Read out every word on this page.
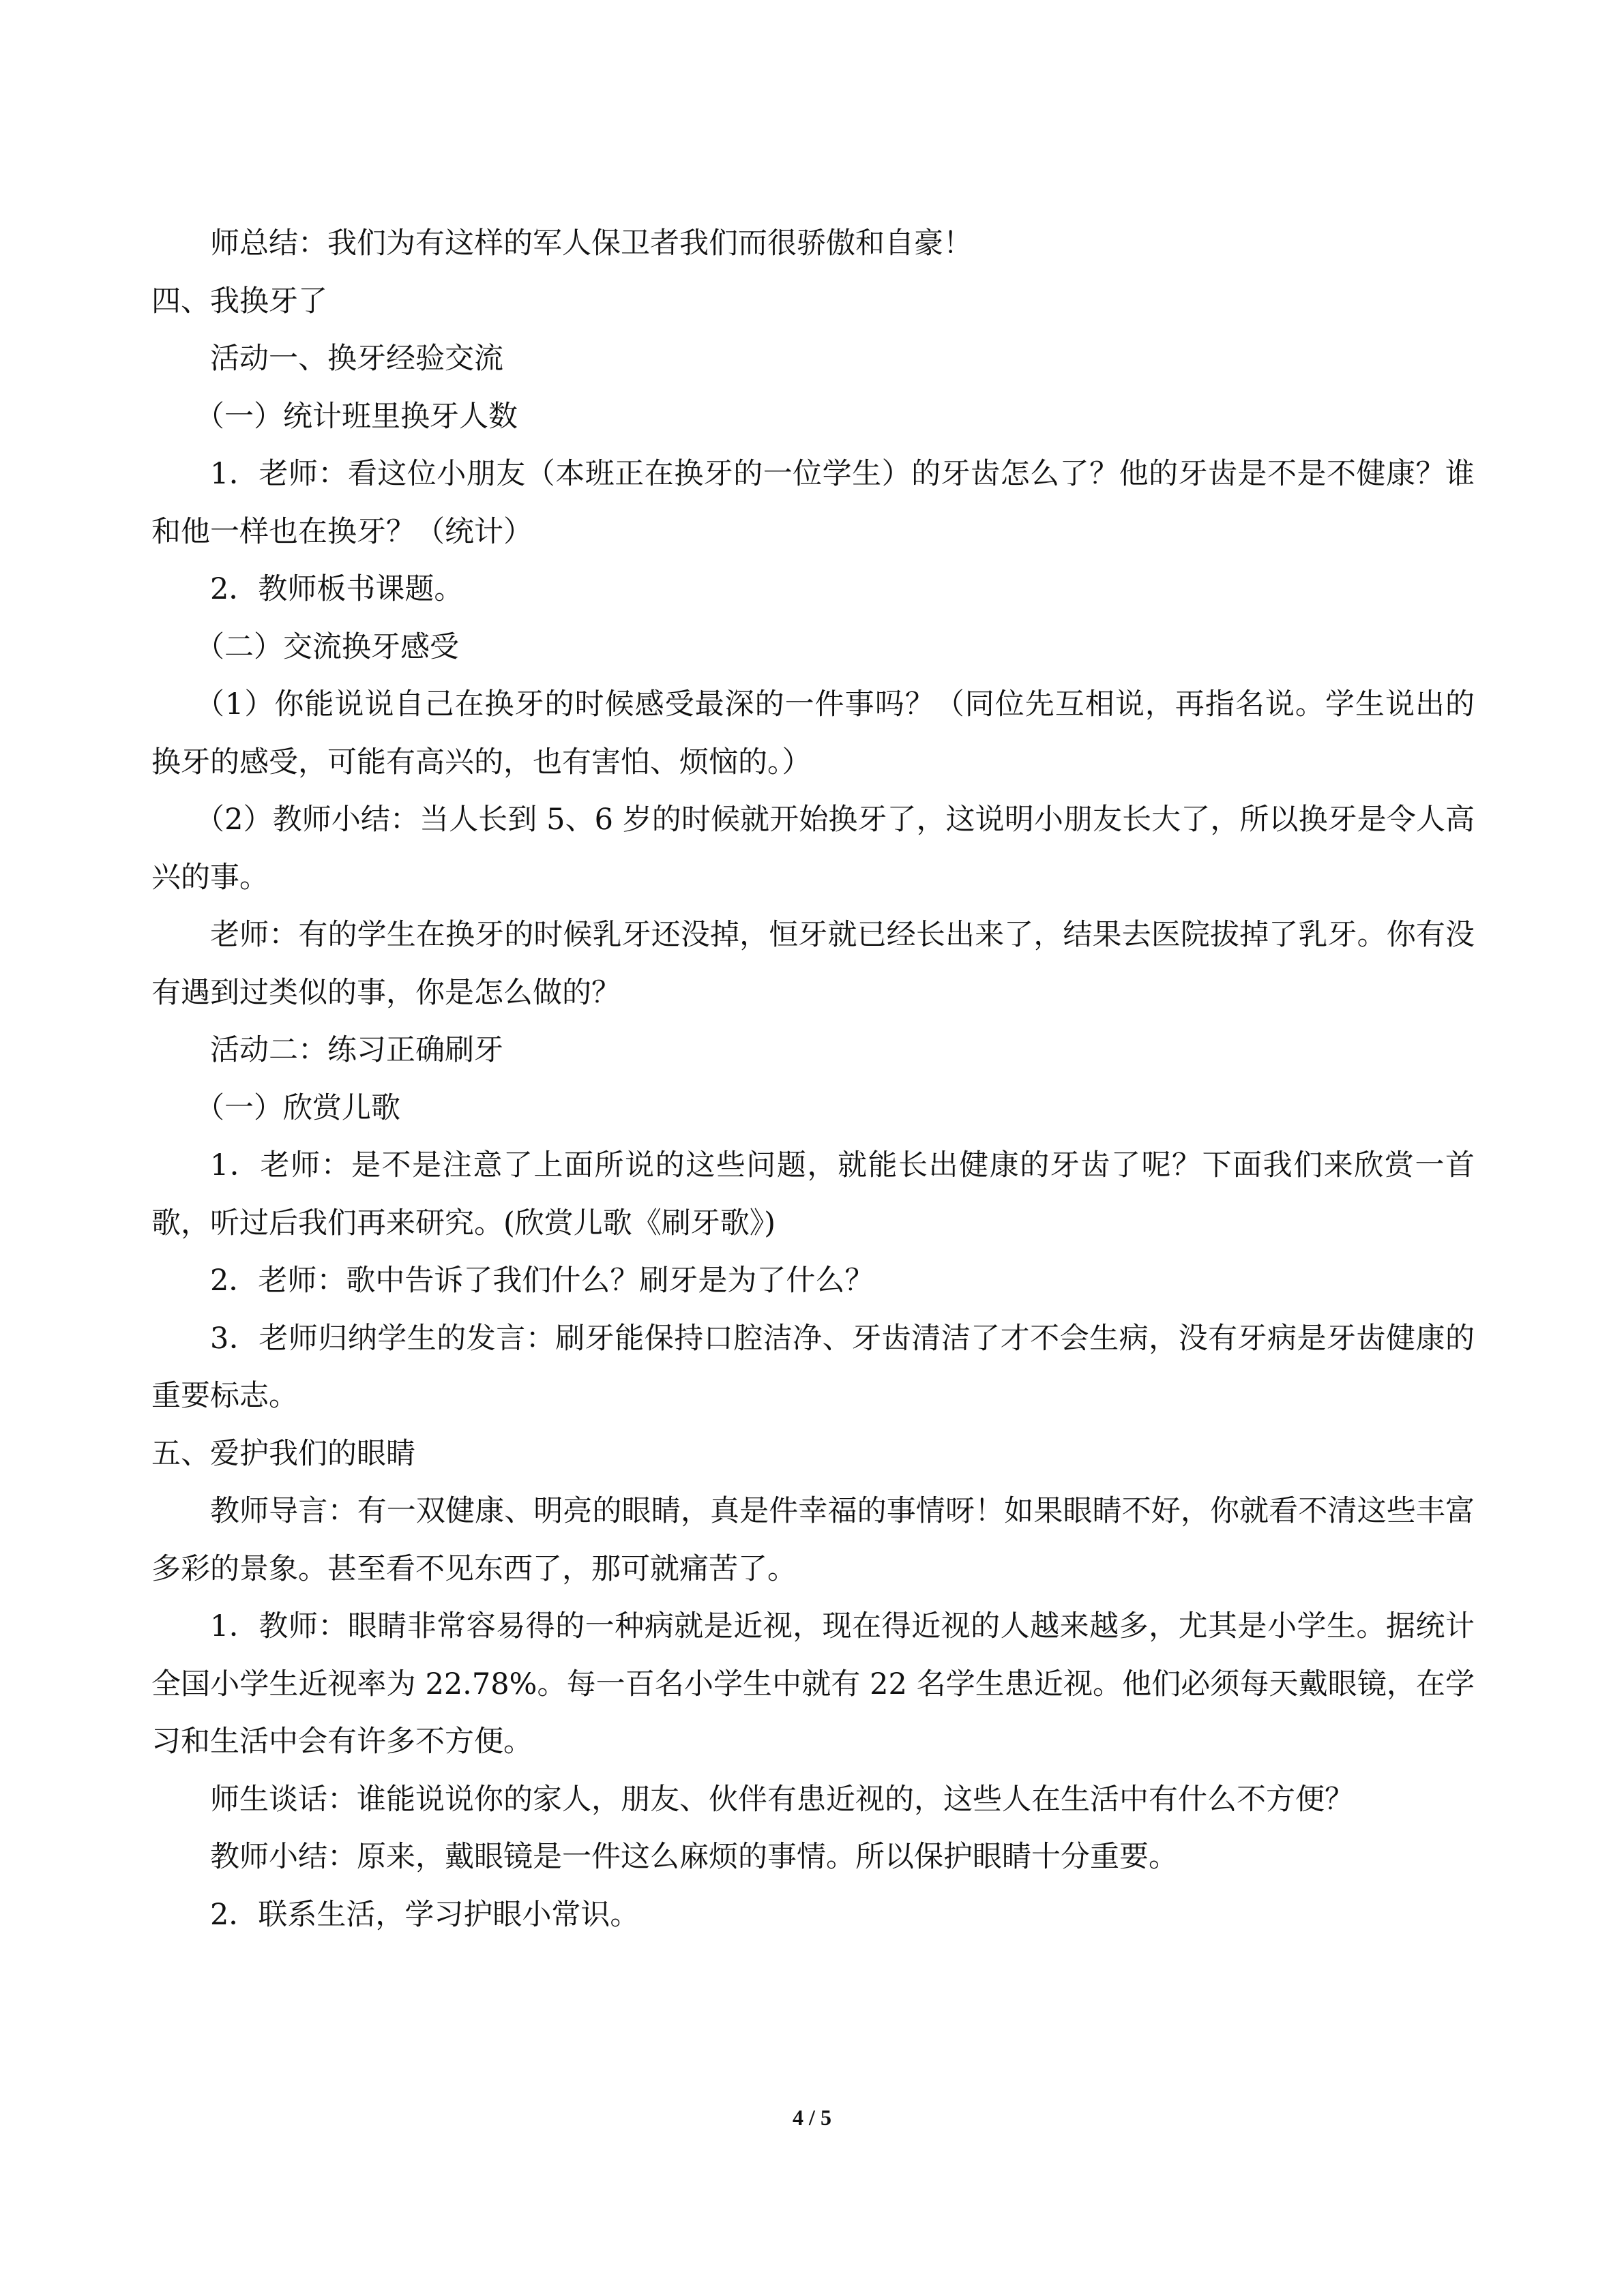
师总结：我们为有这样的军人保卫者我们而很骄傲和自豪！

四、我换牙了

活动一、换牙经验交流

（一）统计班里换牙人数

1．老师：看这位小朋友（本班正在换牙的一位学生）的牙齿怎么了？他的牙齿是不是不健康？谁和他一样也在换牙？（统计）

2．教师板书课题。

（二）交流换牙感受

（1）你能说说自己在换牙的时候感受最深的一件事吗？（同位先互相说，再指名说。学生说出的换牙的感受，可能有高兴的，也有害怕、烦恼的。）

（2）教师小结：当人长到 5、6 岁的时候就开始换牙了，这说明小朋友长大了，所以换牙是令人高兴的事。

老师：有的学生在换牙的时候乳牙还没掉，恒牙就已经长出来了，结果去医院拔掉了乳牙。你有没有遇到过类似的事，你是怎么做的？

活动二：练习正确刷牙

（一）欣赏儿歌

1．老师：是不是注意了上面所说的这些问题，就能长出健康的牙齿了呢？下面我们来欣赏一首歌，听过后我们再来研究。(欣赏儿歌《刷牙歌》)

2．老师：歌中告诉了我们什么？刷牙是为了什么？

3．老师归纳学生的发言：刷牙能保持口腔洁净、牙齿清洁了才不会生病，没有牙病是牙齿健康的重要标志。

五、爱护我们的眼睛

教师导言：有一双健康、明亮的眼睛，真是件幸福的事情呀！如果眼睛不好，你就看不清这些丰富多彩的景象。甚至看不见东西了，那可就痛苦了。

1．教师：眼睛非常容易得的一种病就是近视，现在得近视的人越来越多，尤其是小学生。据统计全国小学生近视率为 22.78%。每一百名小学生中就有 22 名学生患近视。他们必须每天戴眼镜，在学习和生活中会有许多不方便。

师生谈话：谁能说说你的家人，朋友、伙伴有患近视的，这些人在生活中有什么不方便？

教师小结：原来，戴眼镜是一件这么麻烦的事情。所以保护眼睛十分重要。

2．联系生活，学习护眼小常识。

4 / 5
